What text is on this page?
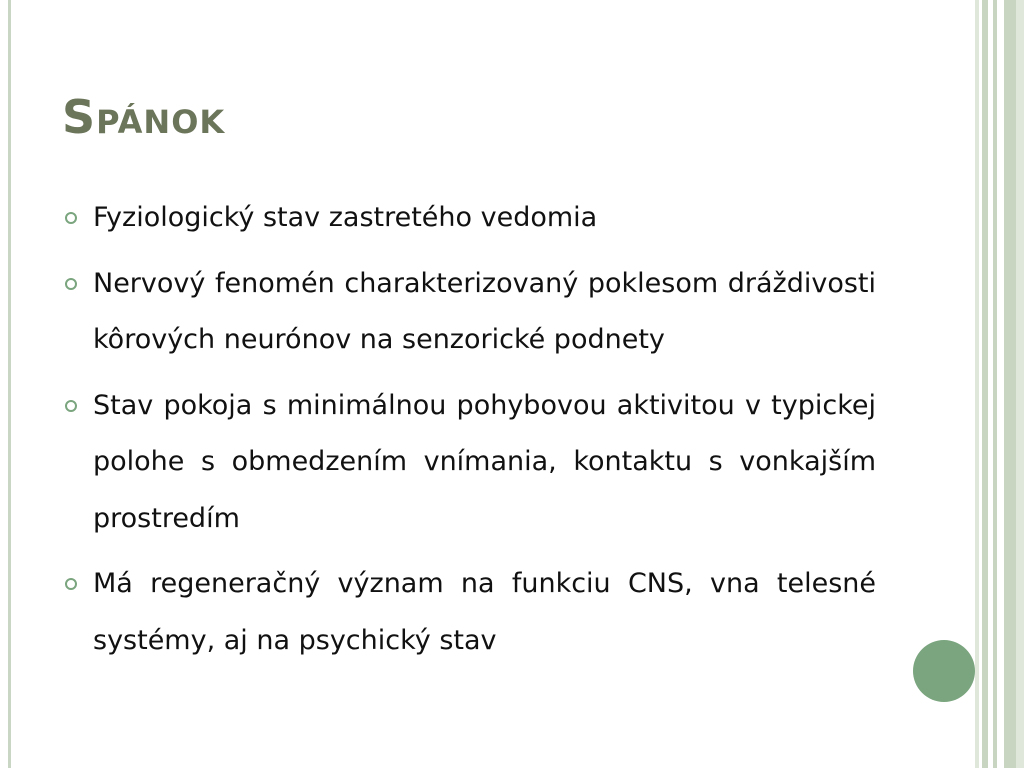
Spánok
Fyziologický stav zastretého vedomia
Nervový fenomén charakterizovaný poklesom dráždivosti kôrových neurónov na senzorické podnety
Stav pokoja s minimálnou pohybovou aktivitou v typickej polohe s obmedzením vnímania, kontaktu s vonkajším prostredím
Má regeneračný význam na funkciu CNS, vna telesné systémy, aj na psychický stav
